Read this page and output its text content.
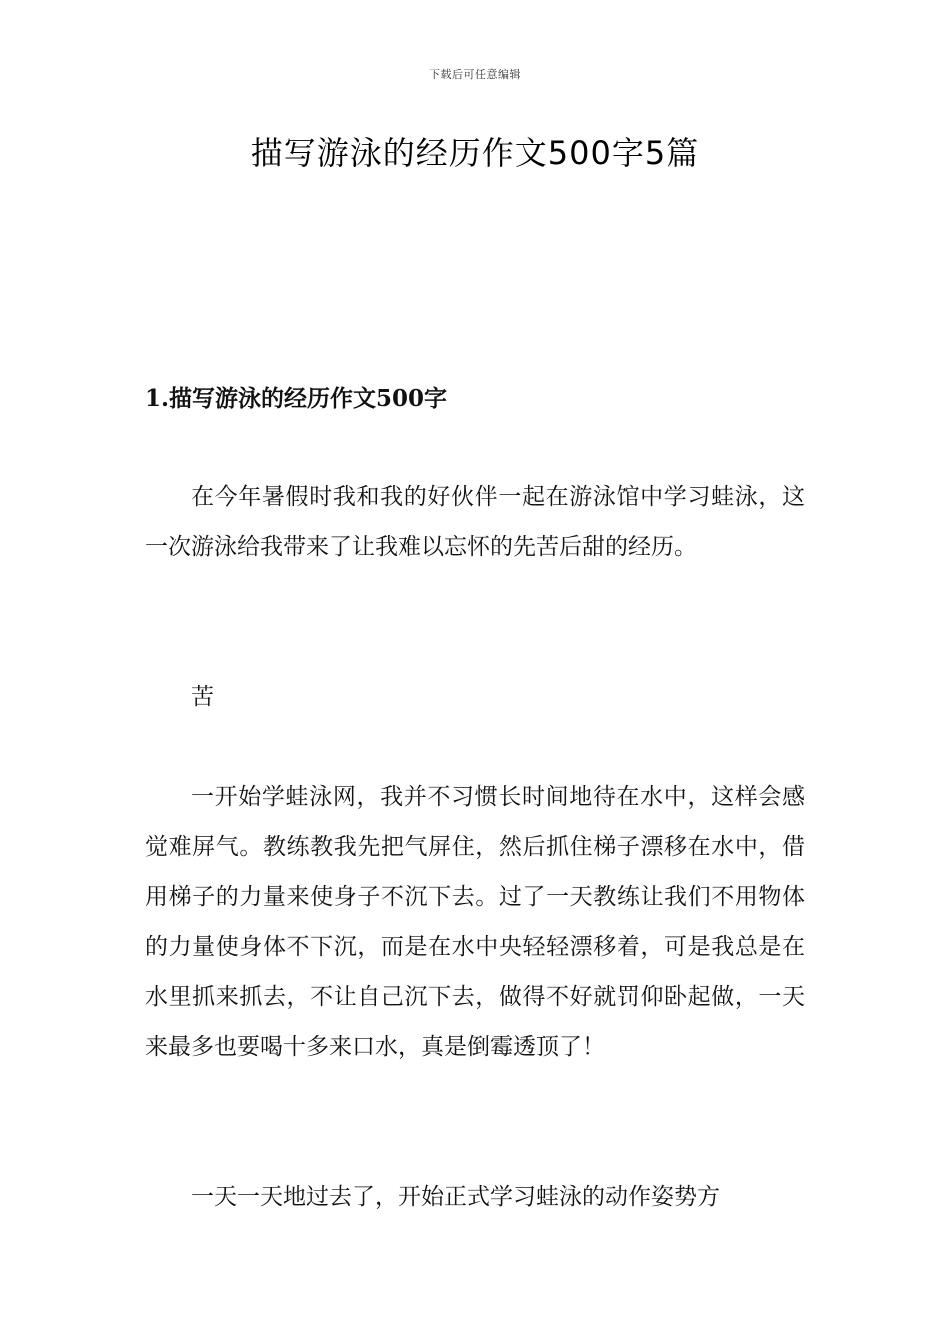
下载后可任意编辑
描写游泳的经历作文500字5篇
1.描写游泳的经历作文500字

在今年暑假时我和我的好伙伴一起在游泳馆中学习蛙泳，这一次游泳给我带来了让我难以忘怀的先苦后甜的经历。

苦

一开始学蛙泳网，我并不习惯长时间地待在水中，这样会感觉难屏气。教练教我先把气屏住，然后抓住梯子漂移在水中，借用梯子的力量来使身子不沉下去。过了一天教练让我们不用物体的力量使身体不下沉，而是在水中央轻轻漂移着，可是我总是在水里抓来抓去，不让自己沉下去，做得不好就罚仰卧起做，一天来最多也要喝十多来口水，真是倒霉透顶了！

一天一天地过去了，开始正式学习蛙泳的动作姿势方
